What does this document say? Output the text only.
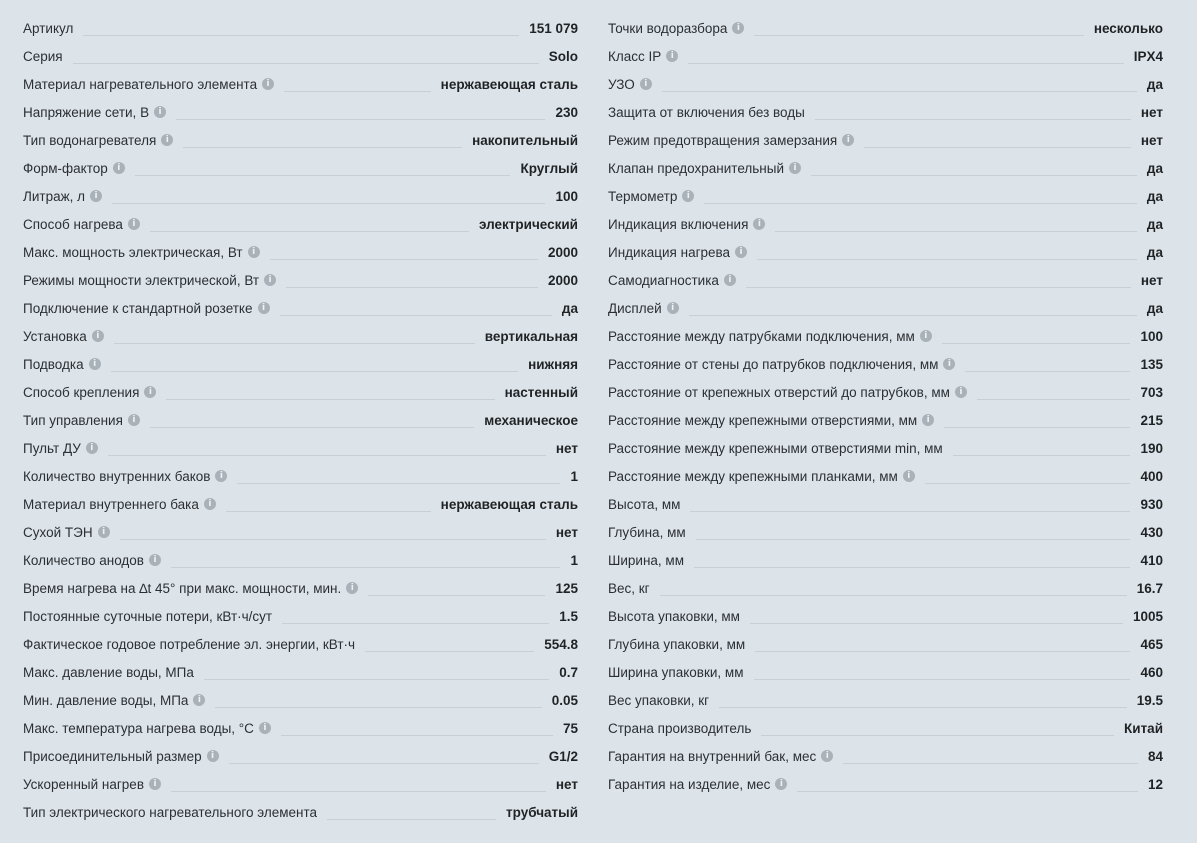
Артикул	151 079
Серия	Solo
Материал нагревательного элемента	i	нержавеющая сталь
Напряжение сети, В	i	230
Тип водонагревателя	i	накопительный
Форм-фактор	i	Круглый
Литраж, л	i	100
Способ нагрева	i	электрический
Макс. мощность электрическая, Вт	i	2000
Режимы мощности электрической, Вт	i	2000
Подключение к стандартной розетке	i	да
Установка	i	вертикальная
Подводка	i	нижняя
Способ крепления	i	настенный
Тип управления	i	механическое
Пульт ДУ	i	нет
Количество внутренних баков	i	1
Материал внутреннего бака	i	нержавеющая сталь
Сухой ТЭН	i	нет
Количество анодов	i	1
Время нагрева на ∆t 45° при макс. мощности, мин.	i	125
Постоянные суточные потери, кВт·ч/сут	1.5
Фактическое годовое потребление эл. энергии, кВт·ч	554.8
Макс. давление воды, МПа	0.7
Мин. давление воды, МПа	i	0.05
Макс. температура нагрева воды, °С	i	75
Присоединительный размер	i	G1/2
Ускоренный нагрев	i	нет
Тип электрического нагревательного элемента	трубчатый
Точки водоразбора	i	несколько
Класс IP	i	IPX4
УЗО	i	да
Защита от включения без воды	нет
Режим предотвращения замерзания	i	нет
Клапан предохранительный	i	да
Термометр	i	да
Индикация включения	i	да
Индикация нагрева	i	да
Самодиагностика	i	нет
Дисплей	i	да
Расстояние между патрубками подключения, мм	i	100
Расстояние от стены до патрубков подключения, мм	i	135
Расстояние от крепежных отверстий до патрубков, мм	i	703
Расстояние между крепежными отверстиями, мм	i	215
Расстояние между крепежными отверстиями min, мм	190
Расстояние между крепежными планками, мм	i	400
Высота, мм	930
Глубина, мм	430
Ширина, мм	410
Вес, кг	16.7
Высота упаковки, мм	1005
Глубина упаковки, мм	465
Ширина упаковки, мм	460
Вес упаковки, кг	19.5
Страна производитель	Китай
Гарантия на внутренний бак, мес	i	84
Гарантия на изделие, мес	i	12
